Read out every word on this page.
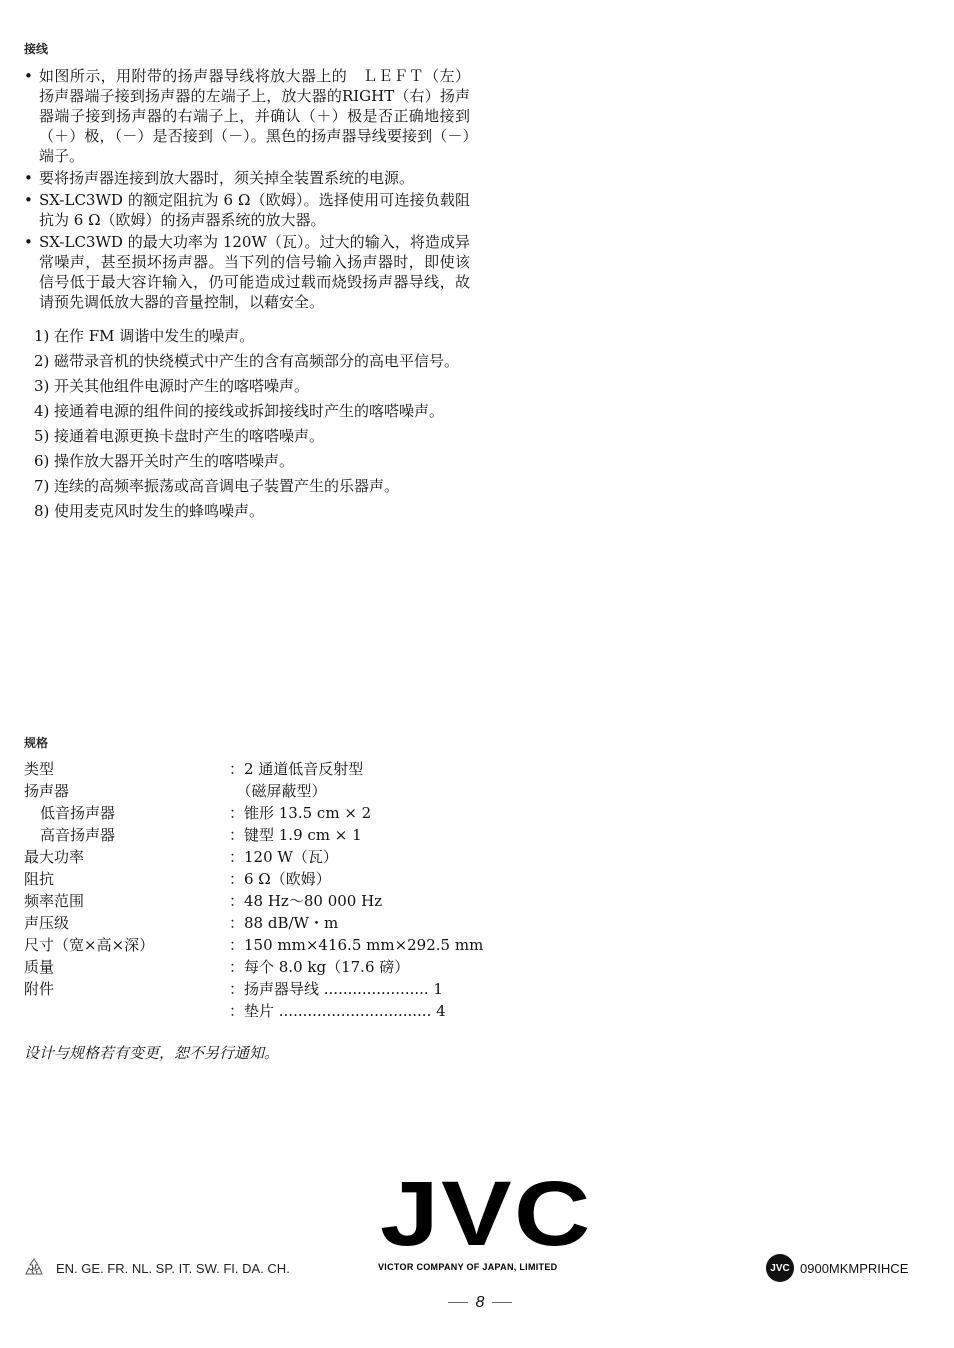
接线
• 如图所示，用附带的扬声器导线将放大器上的　ＬＥＦＴ（左）扬声器端子接到扬声器的左端子上，放大器的RIGHT（右）扬声器端子接到扬声器的右端子上，并确认（＋）极是否正确地接到（＋）极，（－）是否接到（－）。黑色的扬声器导线要接到（－）端子。
• 要将扬声器连接到放大器时，须关掉全装置系统的电源。
• SX-LC3WD 的额定阻抗为 6 Ω（欧姆）。选择使用可连接负载阻抗为 6 Ω（欧姆）的扬声器系统的放大器。
• SX-LC3WD 的最大功率为 120W（瓦）。过大的输入，将造成异常噪声，甚至损坏扬声器。当下列的信号输入扬声器时，即使该信号低于最大容许输入，仍可能造成过载而烧毁扬声器导线，故请预先调低放大器的音量控制，以藉安全。
1) 在作 FM 调谐中发生的噪声。
2) 磁带录音机的快绕模式中产生的含有高频部分的高电平信号。
3) 开关其他组件电源时产生的喀嗒噪声。
4) 接通着电源的组件间的接线或拆卸接线时产生的喀嗒噪声。
5) 接通着电源更换卡盘时产生的喀嗒噪声。
6) 操作放大器开关时产生的喀嗒噪声。
7) 连续的高频率振荡或高音调电子装置产生的乐器声。
8) 使用麦克风时发生的蜂鸣噪声。
规格
类型	：2 通道低音反射型
扬声器	　（磁屏蔽型）
低音扬声器	：锥形 13.5 cm × 2
高音扬声器	：键型 1.9 cm × 1
最大功率	：120 W（瓦）
阻抗	：6 Ω（欧姆）
频率范围	：48 Hz～80 000 Hz
声压级	：88 dB/W・m
尺寸（宽×高×深）	：150 mm×416.5 mm×292.5 mm
质量	：每个 8.0 kg（17.6 磅）
附件	：扬声器导线 ...................... 1
：垫片 ................................ 4
设计与规格若有变更，恕不另行通知。
JVC
VICTOR COMPANY OF JAPAN, LIMITED
EN. GE. FR. NL. SP. IT. SW. FI. DA. CH.	JVC 0900MKMPRIHCE
8
